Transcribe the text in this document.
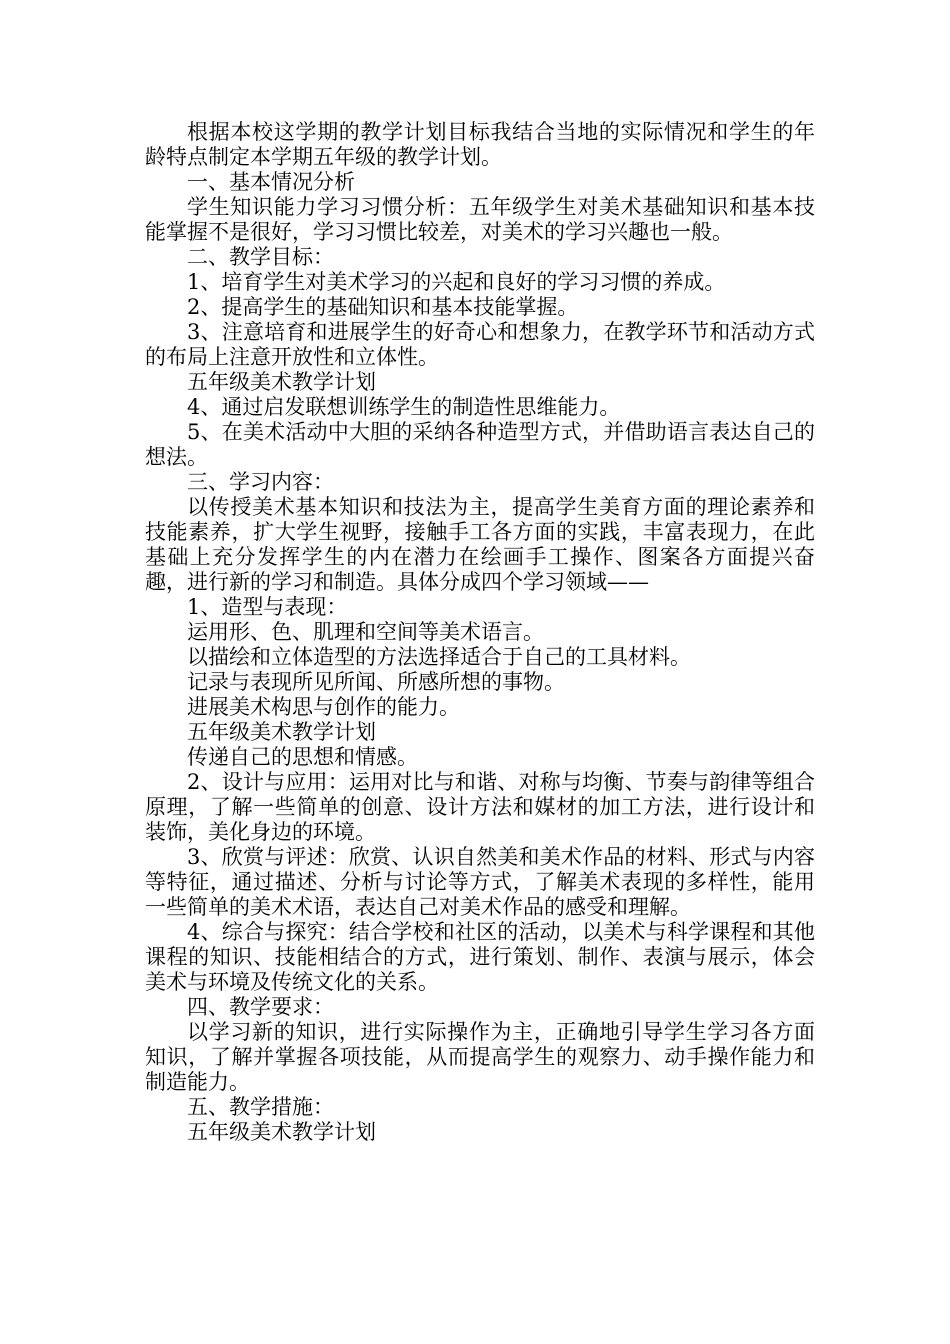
根据本校这学期的教学计划目标我结合当地的实际情况和学生的年龄特点制定本学期五年级的教学计划。

一、基本情况分析

学生知识能力学习习惯分析：五年级学生对美术基础知识和基本技能掌握不是很好，学习习惯比较差，对美术的学习兴趣也一般。

二、教学目标：

1、培育学生对美术学习的兴起和良好的学习习惯的养成。

2、提高学生的基础知识和基本技能掌握。

3、注意培育和进展学生的好奇心和想象力，在教学环节和活动方式的布局上注意开放性和立体性。

五年级美术教学计划

4、通过启发联想训练学生的制造性思维能力。

5、在美术活动中大胆的采纳各种造型方式，并借助语言表达自己的想法。

三、学习内容：

以传授美术基本知识和技法为主，提高学生美育方面的理论素养和技能素养，扩大学生视野，接触手工各方面的实践，丰富表现力，在此基础上充分发挥学生的内在潜力在绘画手工操作、图案各方面提兴奋趣，进行新的学习和制造。具体分成四个学习领域——

1、造型与表现：

运用形、色、肌理和空间等美术语言。

以描绘和立体造型的方法选择适合于自己的工具材料。

记录与表现所见所闻、所感所想的事物。

进展美术构思与创作的能力。

五年级美术教学计划

传递自己的思想和情感。

2、设计与应用：运用对比与和谐、对称与均衡、节奏与韵律等组合原理，了解一些简单的创意、设计方法和媒材的加工方法，进行设计和装饰，美化身边的环境。

3、欣赏与评述：欣赏、认识自然美和美术作品的材料、形式与内容等特征，通过描述、分析与讨论等方式，了解美术表现的多样性，能用一些简单的美术术语，表达自己对美术作品的感受和理解。

4、综合与探究：结合学校和社区的活动，以美术与科学课程和其他课程的知识、技能相结合的方式，进行策划、制作、表演与展示，体会美术与环境及传统文化的关系。

四、教学要求：

以学习新的知识，进行实际操作为主，正确地引导学生学习各方面知识，了解并掌握各项技能，从而提高学生的观察力、动手操作能力和制造能力。

五、教学措施：

五年级美术教学计划
